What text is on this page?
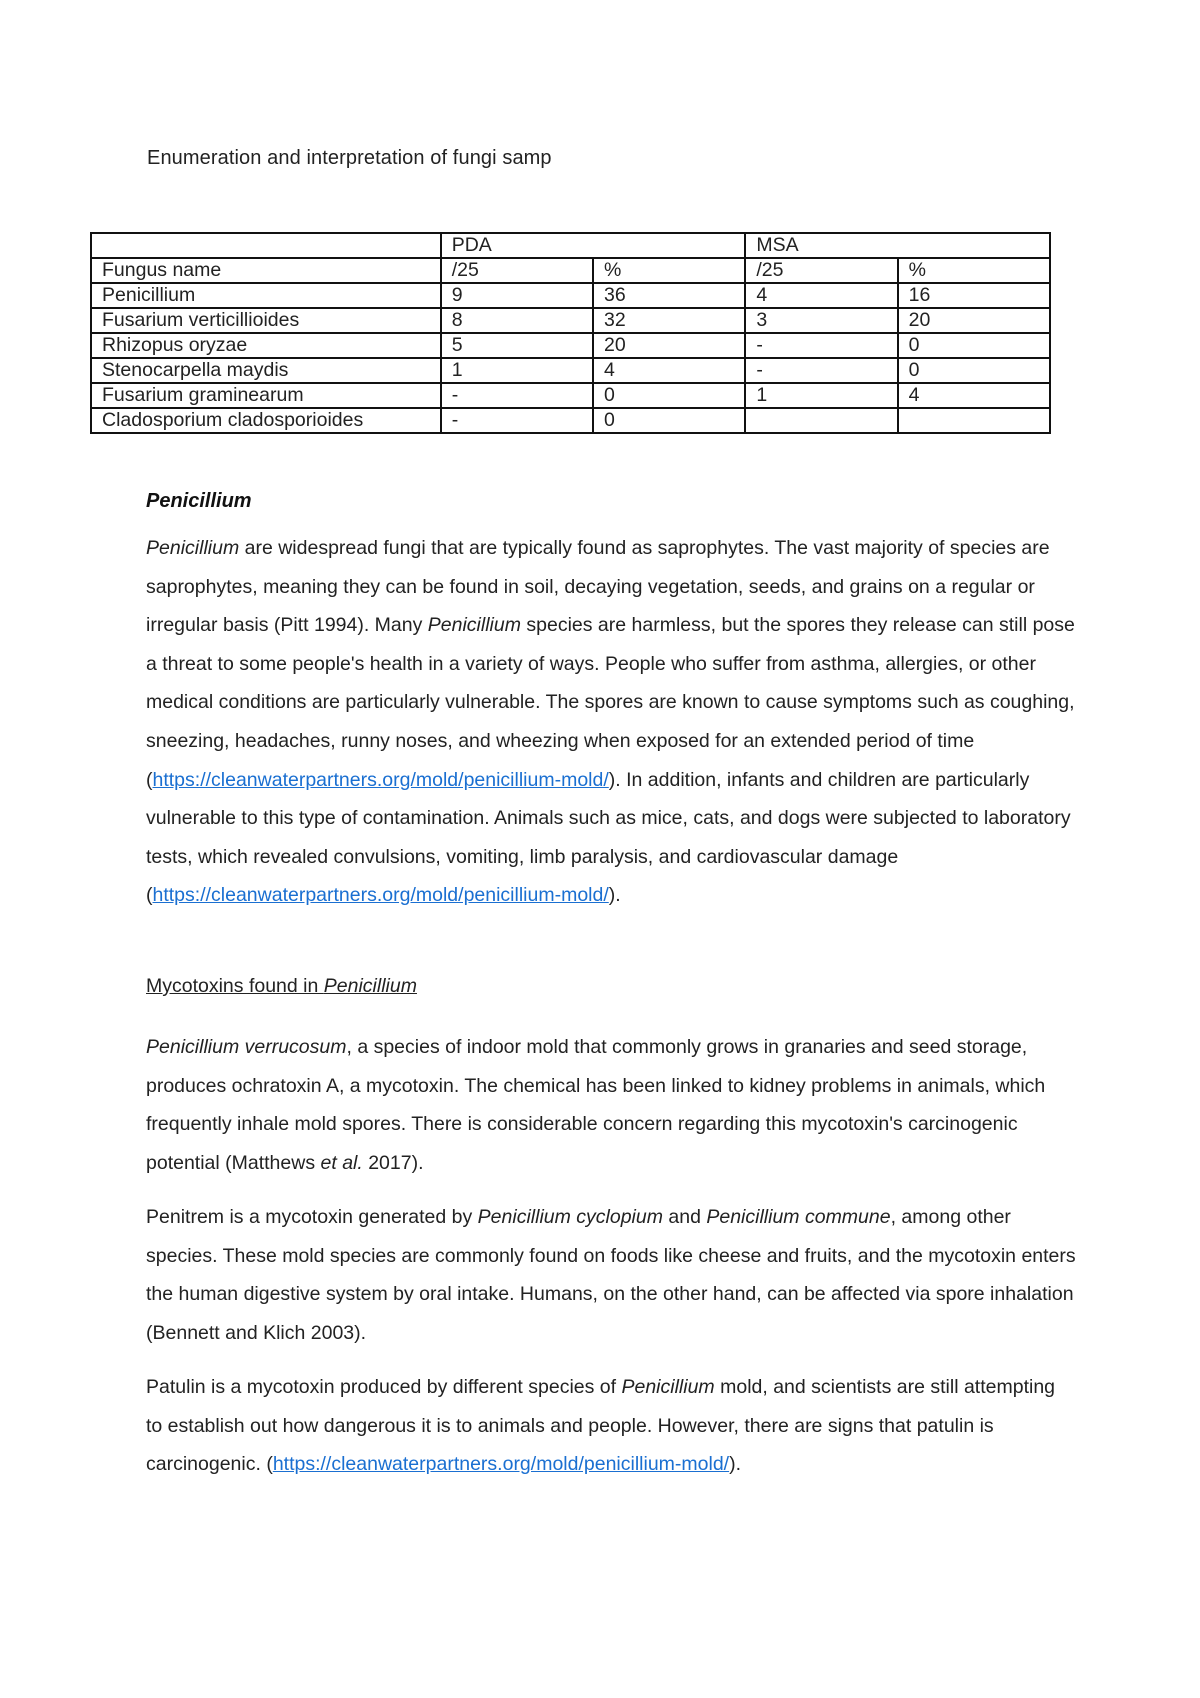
Enumeration and interpretation of fungi samp
	PDA		MSA	
Fungus name	/25	%	/25	%
Penicillium	9	36	4	16
Fusarium verticillioides	8	32	3	20
Rhizopus oryzae	5	20	-	0
Stenocarpella maydis	1	4	-	0
Fusarium graminearum	-	0	1	4
Cladosporium cladosporioides	-	0		
Penicillium

Penicillium are widespread fungi that are typically found as saprophytes. The vast majority of species are saprophytes, meaning they can be found in soil, decaying vegetation, seeds, and grains on a regular or irregular basis (Pitt 1994). Many Penicillium species are harmless, but the spores they release can still pose a threat to some people's health in a variety of ways. People who suffer from asthma, allergies, or other medical conditions are particularly vulnerable. The spores are known to cause symptoms such as coughing, sneezing, headaches, runny noses, and wheezing when exposed for an extended period of time (https://cleanwaterpartners.org/mold/penicillium-mold/). In addition, infants and children are particularly vulnerable to this type of contamination. Animals such as mice, cats, and dogs were subjected to laboratory tests, which revealed convulsions, vomiting, limb paralysis, and cardiovascular damage (https://cleanwaterpartners.org/mold/penicillium-mold/).

Mycotoxins found in Penicillium

Penicillium verrucosum, a species of indoor mold that commonly grows in granaries and seed storage, produces ochratoxin A, a mycotoxin. The chemical has been linked to kidney problems in animals, which frequently inhale mold spores. There is considerable concern regarding this mycotoxin's carcinogenic potential (Matthews et al. 2017).

Penitrem is a mycotoxin generated by Penicillium cyclopium and Penicillium commune, among other species. These mold species are commonly found on foods like cheese and fruits, and the mycotoxin enters the human digestive system by oral intake. Humans, on the other hand, can be affected via spore inhalation (Bennett and Klich 2003).

Patulin is a mycotoxin produced by different species of Penicillium mold, and scientists are still attempting to establish out how dangerous it is to animals and people. However, there are signs that patulin is carcinogenic. (https://cleanwaterpartners.org/mold/penicillium-mold/).
